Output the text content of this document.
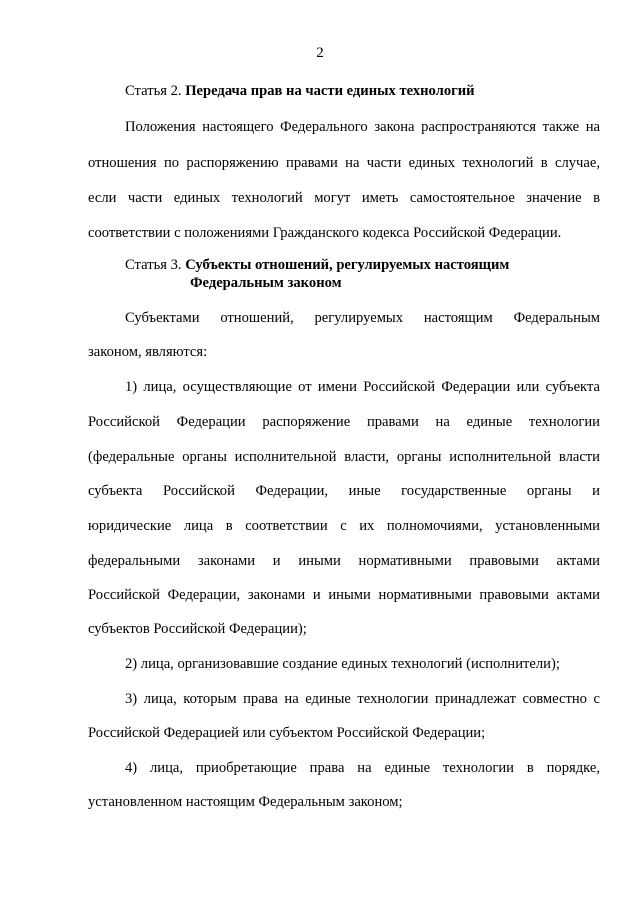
2
Статья 2. Передача прав на части единых технологий
Положения настоящего Федерального закона распространяются также на
отношения по распоряжению правами на части единых технологий в случае,
если части единых технологий могут иметь самостоятельное значение в
соответствии с положениями Гражданского кодекса Российской Федерации.
Статья 3. Субъекты отношений, регулируемых настоящим
Федеральным законом
Субъектами отношений, регулируемых настоящим Федеральным
законом, являются:
1) лица, осуществляющие от имени Российской Федерации или субъекта
Российской Федерации распоряжение правами на единые технологии
(федеральные органы исполнительной власти, органы исполнительной власти
субъекта Российской Федерации, иные государственные органы и
юридические лица в соответствии с их полномочиями, установленными
федеральными законами и иными нормативными правовыми актами
Российской Федерации, законами и иными нормативными правовыми актами
субъектов Российской Федерации);
2) лица, организовавшие создание единых технологий (исполнители);
3) лица, которым права на единые технологии принадлежат совместно с
Российской Федерацией или субъектом Российской Федерации;
4) лица, приобретающие права на единые технологии в порядке,
установленном настоящим Федеральным законом;
